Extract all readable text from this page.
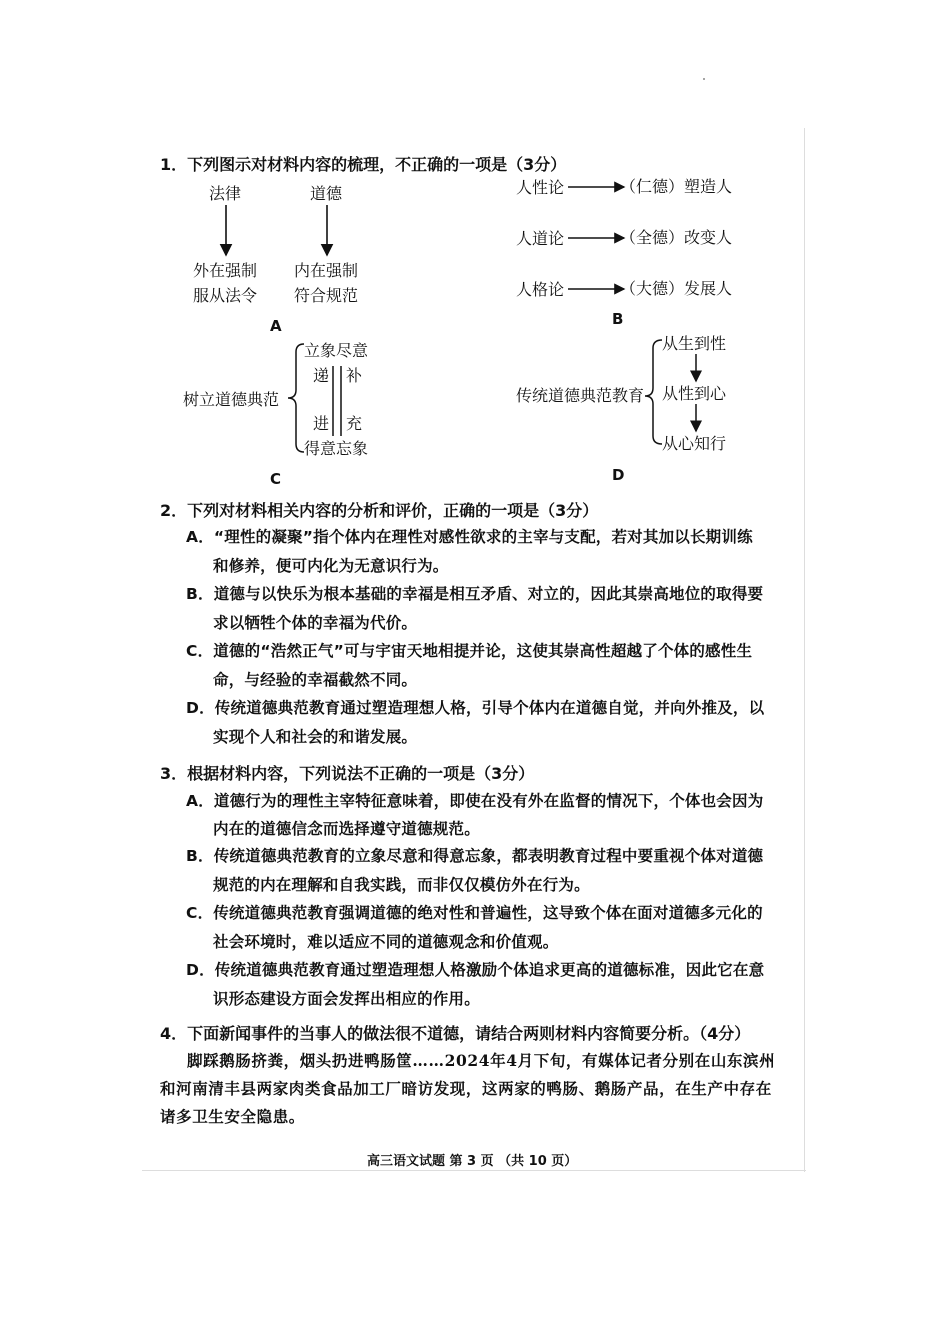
1．下列图示对材料内容的梳理，不正确的一项是（3分）
法律	道德
外在强制
服从法令
内在强制
符合规范
A
人性论	（仁德）塑造人
人道论	（全德）改变人
人格论	（大德）发展人
B
树立道德典范
立象尽意
递 补
进 充
得意忘象
C
传统道德典范教育
从生到性
从性到心
从心知行
D
2．下列对材料相关内容的分析和评价，正确的一项是（3分）
A．“理性的凝聚”指个体内在理性对感性欲求的主宰与支配，若对其加以长期训练
和修养，便可内化为无意识行为。
B．道德与以快乐为根本基础的幸福是相互矛盾、对立的，因此其崇高地位的取得要
求以牺牲个体的幸福为代价。
C．道德的“浩然正气”可与宇宙天地相提并论，这使其崇高性超越了个体的感性生
命，与经验的幸福截然不同。
D．传统道德典范教育通过塑造理想人格，引导个体内在道德自觉，并向外推及，以
实现个人和社会的和谐发展。
3．根据材料内容，下列说法不正确的一项是（3分）
A．道德行为的理性主宰特征意味着，即使在没有外在监督的情况下，个体也会因为
内在的道德信念而选择遵守道德规范。
B．传统道德典范教育的立象尽意和得意忘象，都表明教育过程中要重视个体对道德
规范的内在理解和自我实践，而非仅仅模仿外在行为。
C．传统道德典范教育强调道德的绝对性和普遍性，这导致个体在面对道德多元化的
社会环境时，难以适应不同的道德观念和价值观。
D．传统道德典范教育通过塑造理想人格激励个体追求更高的道德标准，因此它在意
识形态建设方面会发挥出相应的作用。
4．下面新闻事件的当事人的做法很不道德，请结合两则材料内容简要分析。（4分）
脚踩鹅肠挤粪，烟头扔进鸭肠筐……2024年4月下旬，有媒体记者分别在山东滨州
和河南清丰县两家肉类食品加工厂暗访发现，这两家的鸭肠、鹅肠产品，在生产中存在
诸多卫生安全隐患。
高三语文试题 第 3 页 （共 10 页）
